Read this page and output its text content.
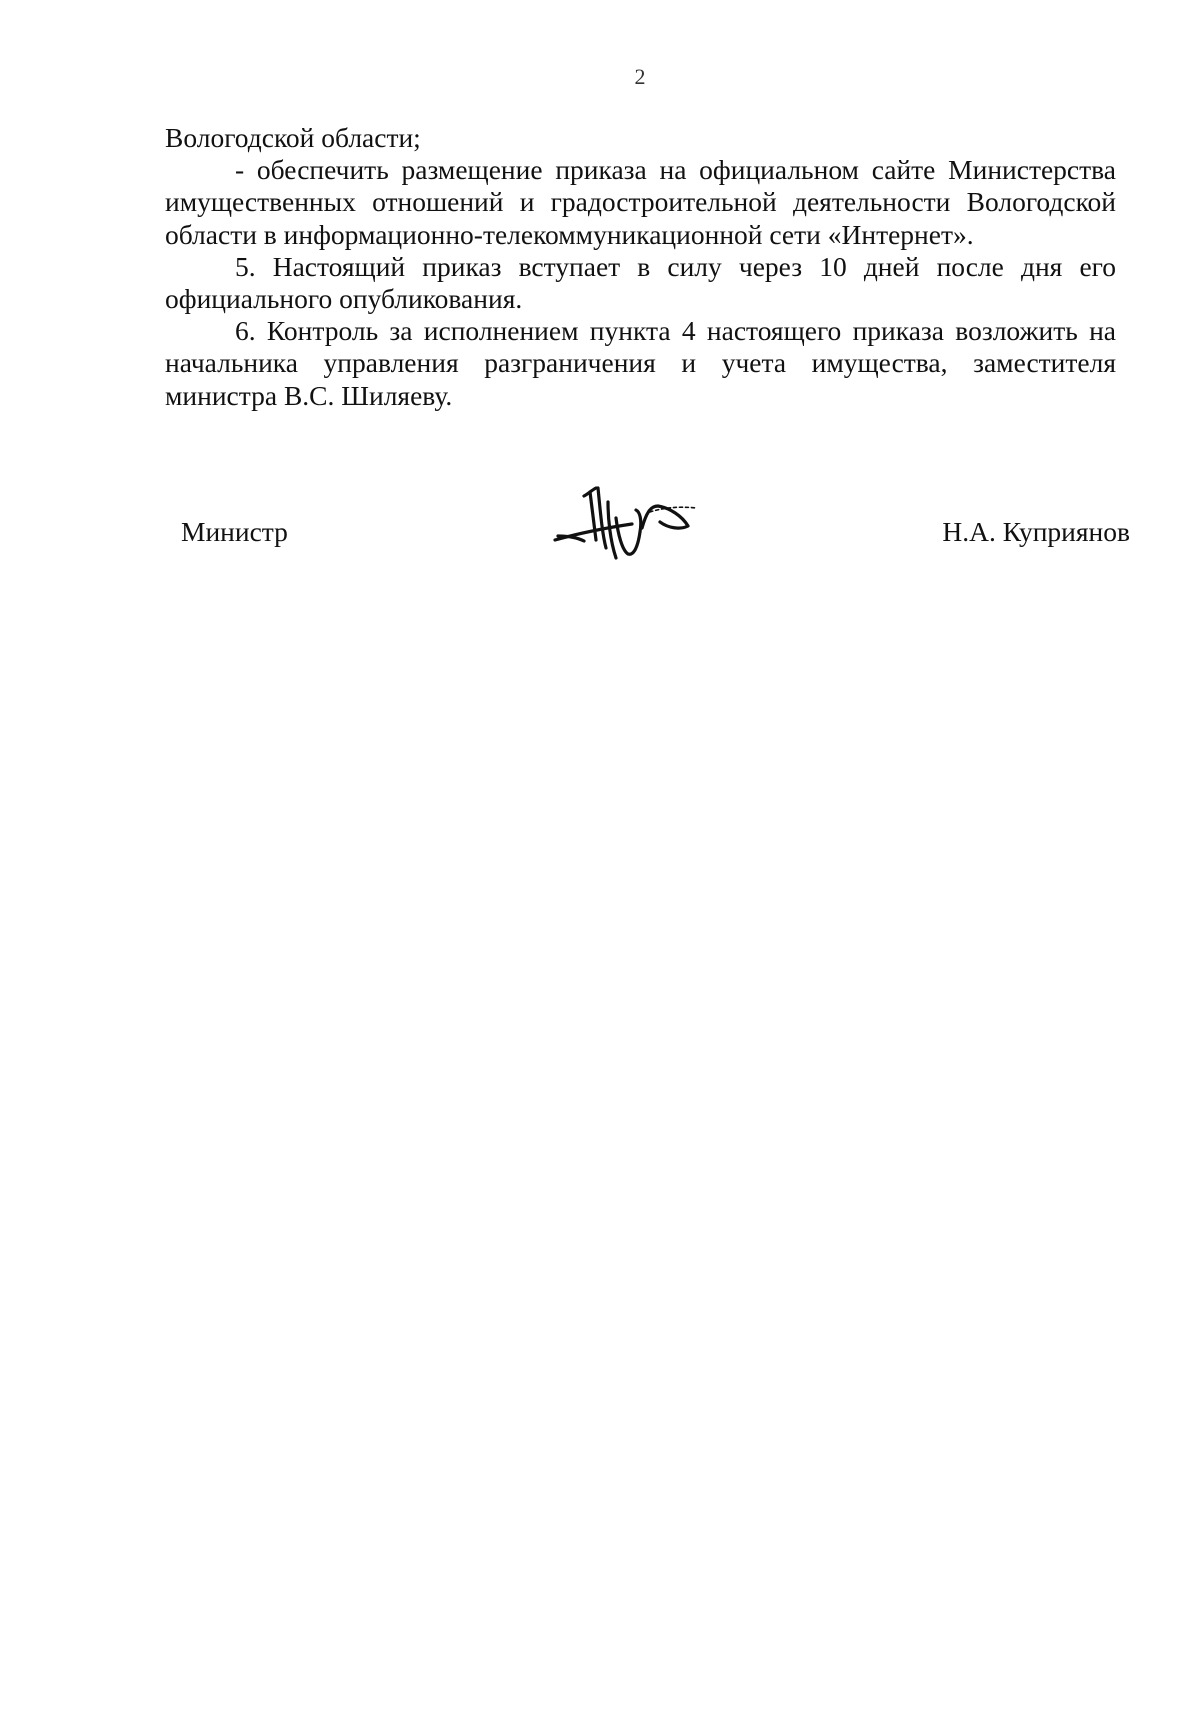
2

Вологодской области;

- обеспечить размещение приказа на официальном сайте Министерства имущественных отношений и градостроительной деятельности Вологодской области в информационно-телекоммуникационной сети «Интернет».

5. Настоящий приказ вступает в силу через 10 дней после дня его официального опубликования.

6. Контроль за исполнением пункта 4 настоящего приказа возложить на начальника управления разграничения и учета имущества, заместителя министра В.С. Шиляеву.

Министр	Н.А. Куприянов
